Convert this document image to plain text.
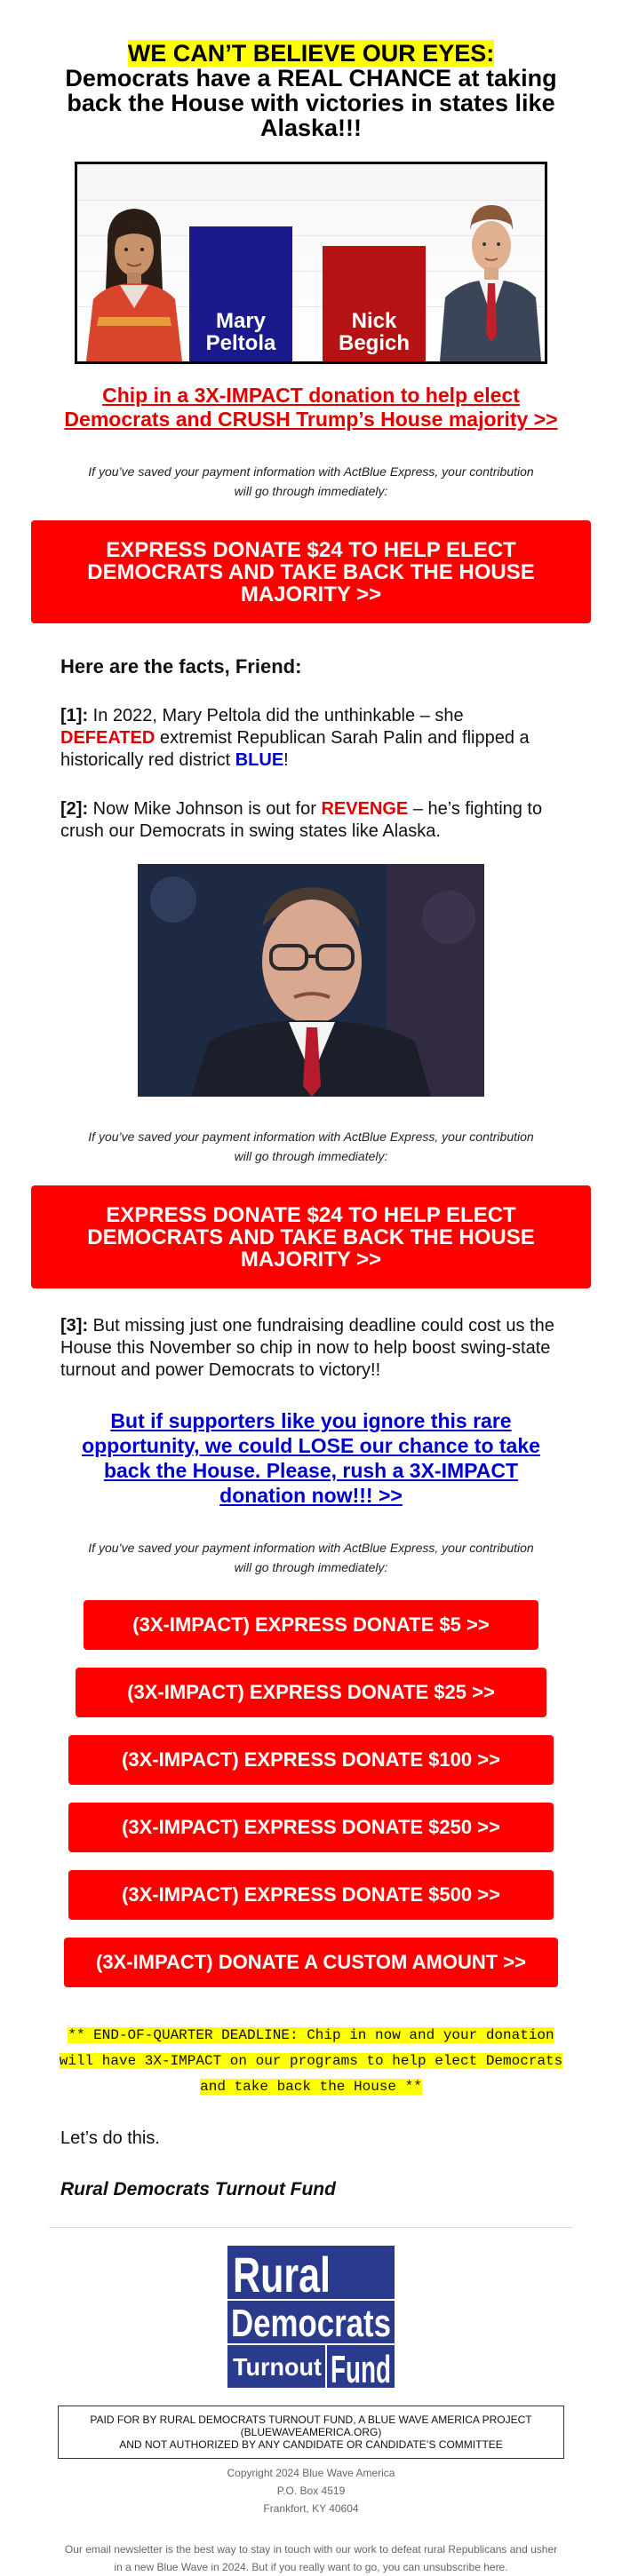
WE CAN’T BELIEVE OUR EYES:
Democrats have a REAL CHANCE at taking back the House with victories in states like Alaska!!!
Mary
Peltola
Nick
Begich
Chip in a 3X-IMPACT donation to help elect Democrats and CRUSH Trump’s House majority >>

If you’ve saved your payment information with ActBlue Express, your contribution will go through immediately:

EXPRESS DONATE $24 TO HELP ELECT DEMOCRATS AND TAKE BACK THE HOUSE MAJORITY >>
Here are the facts, Friend:

[1]: In 2022, Mary Peltola did the unthinkable – she DEFEATED extremist Republican Sarah Palin and flipped a historically red district BLUE!

[2]: Now Mike Johnson is out for REVENGE – he’s fighting to crush our Democrats in swing states like Alaska.

If you’ve saved your payment information with ActBlue Express, your contribution will go through immediately:

EXPRESS DONATE $24 TO HELP ELECT DEMOCRATS AND TAKE BACK THE HOUSE MAJORITY >>

[3]: But missing just one fundraising deadline could cost us the House this November so chip in now to help boost swing-state turnout and power Democrats to victory!!

But if supporters like you ignore this rare opportunity, we could LOSE our chance to take back the House. Please, rush a 3X-IMPACT donation now!!! >>

If you’ve saved your payment information with ActBlue Express, your contribution will go through immediately:

(3X-IMPACT) EXPRESS DONATE $5 >>
(3X-IMPACT) EXPRESS DONATE $25 >>
(3X-IMPACT) EXPRESS DONATE $100 >>
(3X-IMPACT) EXPRESS DONATE $250 >>
(3X-IMPACT) EXPRESS DONATE $500 >>
(3X-IMPACT) DONATE A CUSTOM AMOUNT >>

** END-OF-QUARTER DEADLINE: Chip in now and your donation will have 3X-IMPACT on our programs to help elect Democrats and take back the House **

Let’s do this.

Rural Democrats Turnout Fund

Rural
Democrats
Turnout Fund
PAID FOR BY RURAL DEMOCRATS TURNOUT FUND, A BLUE WAVE AMERICA PROJECT
(BLUEWAVEAMERICA.ORG)
AND NOT AUTHORIZED BY ANY CANDIDATE OR CANDIDATE’S COMMITTEE
Copyright 2024 Blue Wave America
P.O. Box 4519
Frankfort, KY 40604

Our email newsletter is the best way to stay in touch with our work to defeat rural Republicans and usher in a new Blue Wave in 2024. But if you really want to go, you can unsubscribe here.
